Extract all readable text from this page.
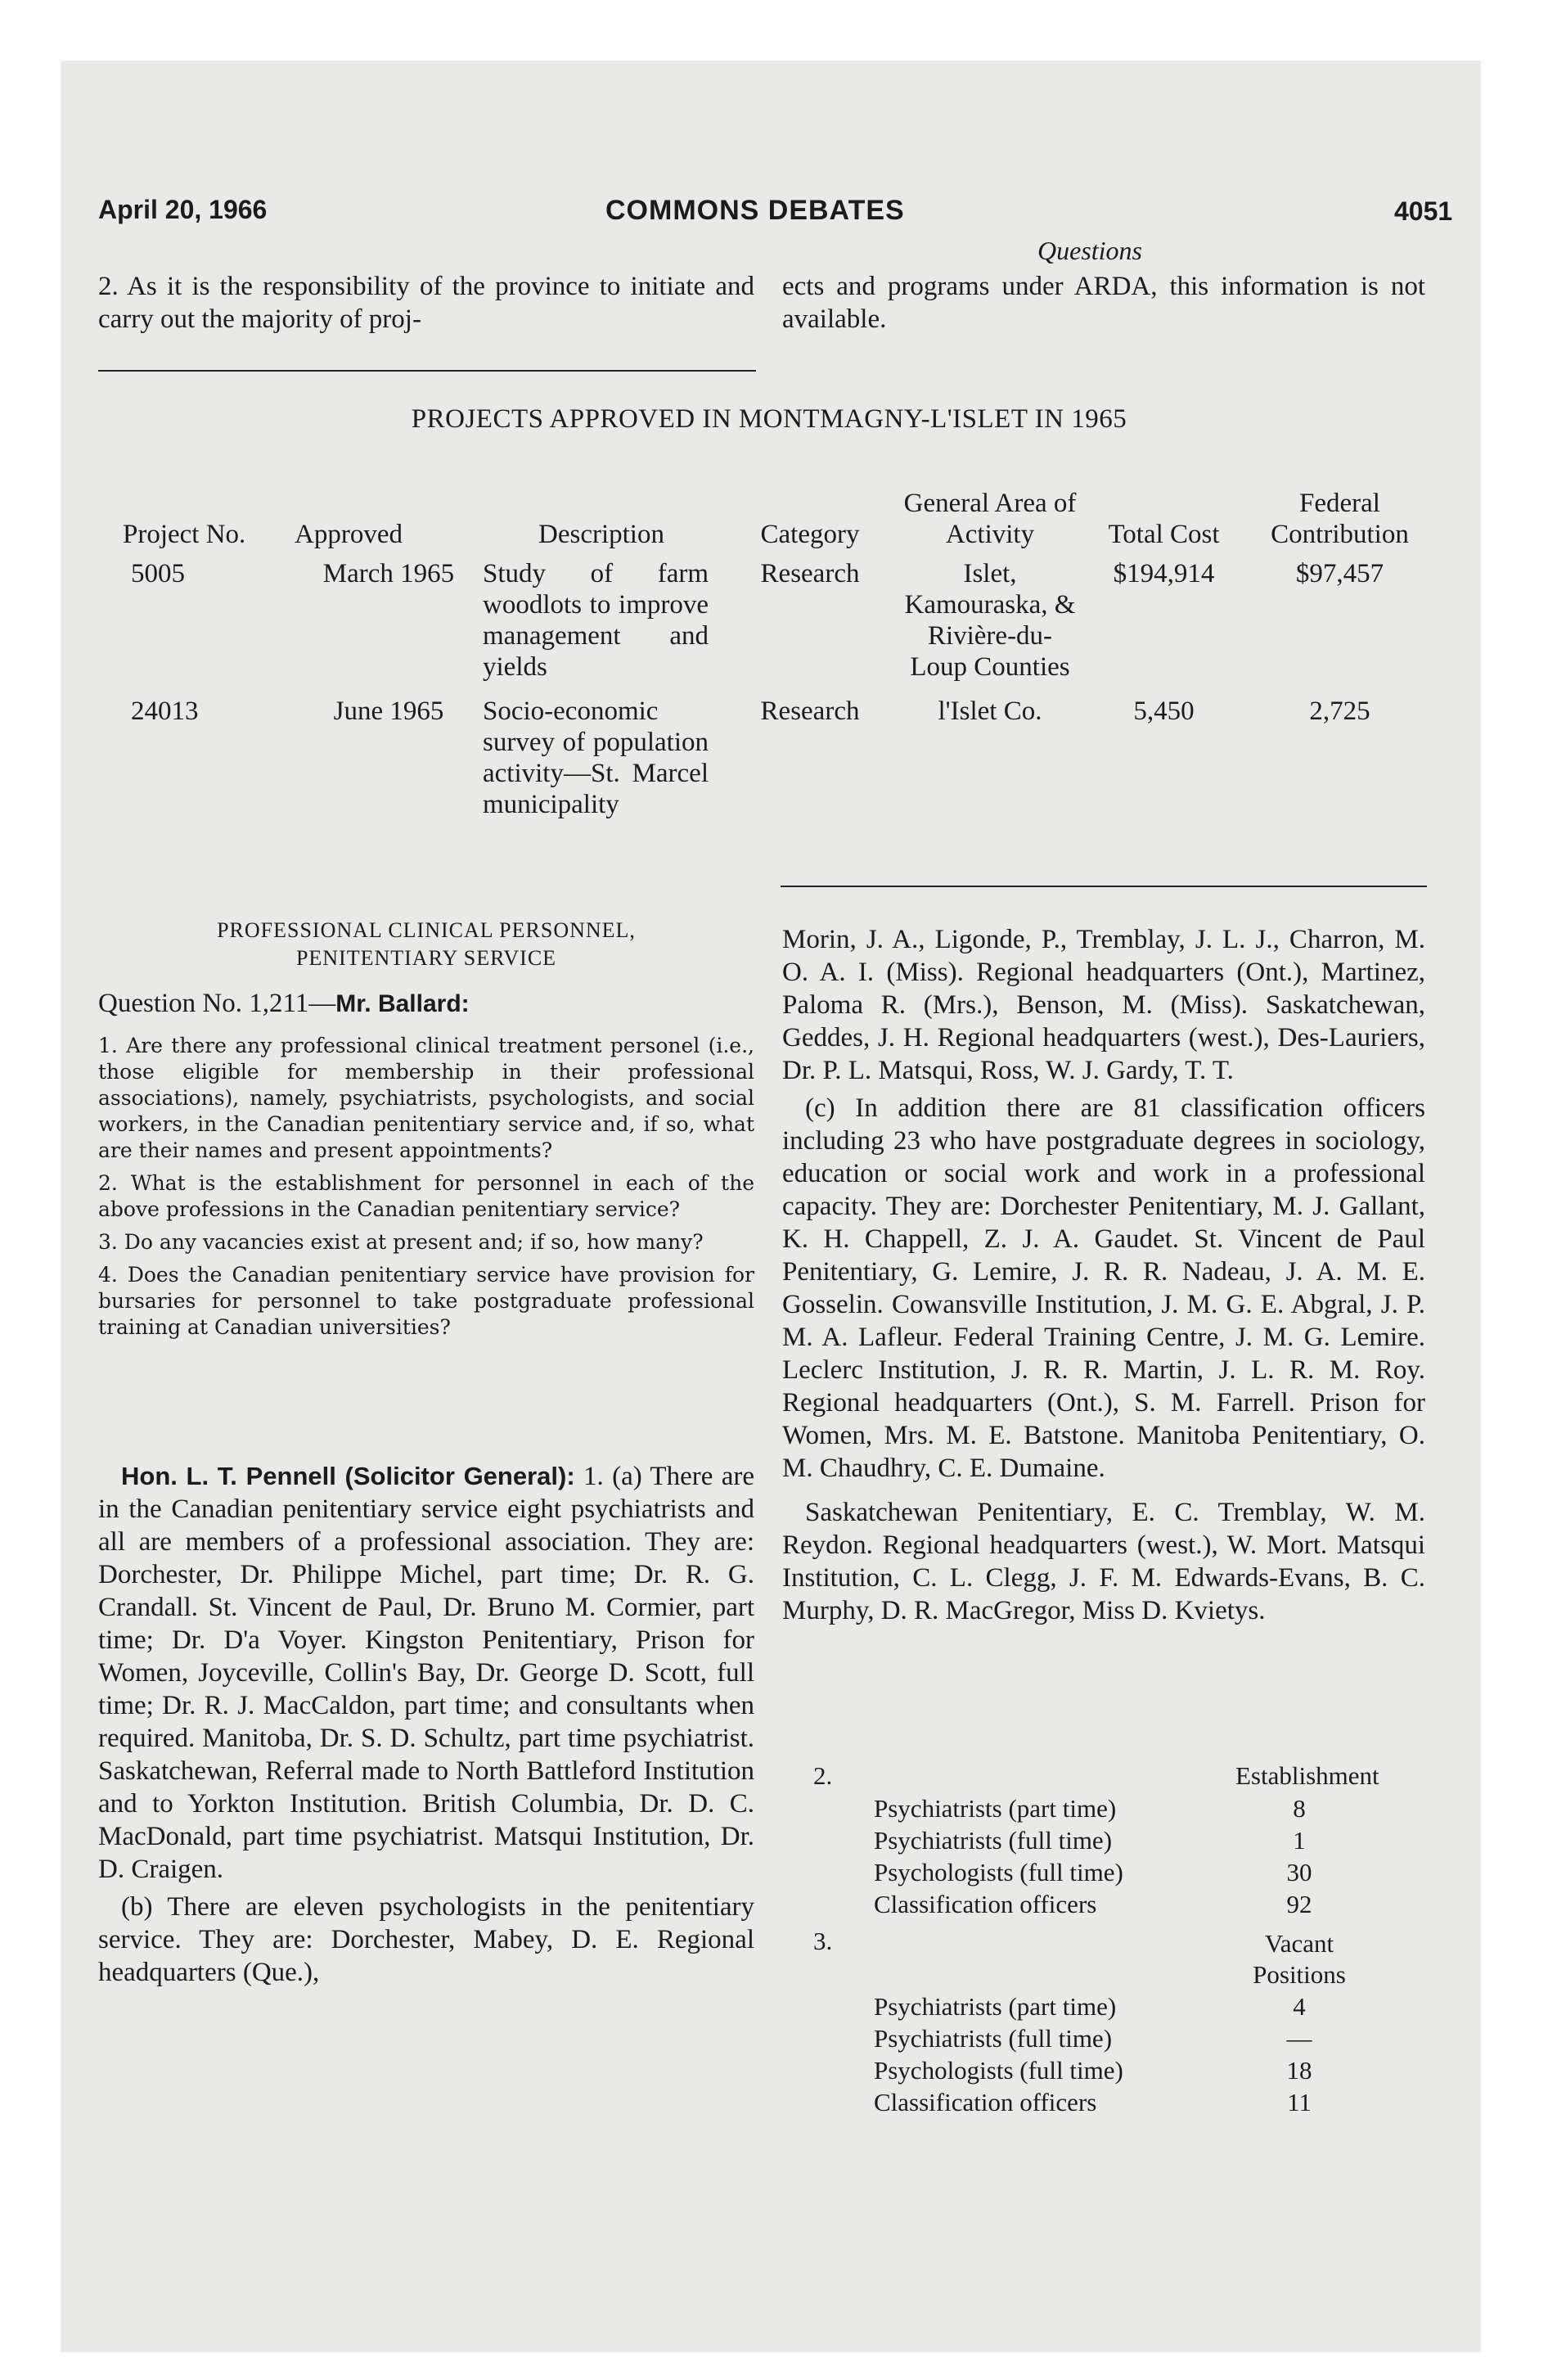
April 20, 1966	COMMONS DEBATES	4051
Questions
2. As it is the responsibility of the province to initiate and carry out the majority of proj-
ects and programs under ARDA, this information is not available.
PROJECTS APPROVED IN MONTMAGNY-L'ISLET IN 1965
Project No.	Approved	Description	Category	General Area of Activity	Total Cost	Federal Contribution
5005	March 1965	Study of farm woodlots to improve management and yields	Research	Islet, Kamouraska, & Rivière-du-Loup Counties	$194,914	$97,457
24013	June 1965	Socio-economic survey of population activity—St. Marcel municipality	Research	l'Islet Co.	5,450	2,725
PROFESSIONAL CLINICAL PERSONNEL,
PENITENTIARY SERVICE
Question No. 1,211—Mr. Ballard:

1. Are there any professional clinical treatment personel (i.e., those eligible for membership in their professional associations), namely, psychiatrists, psychologists, and social workers, in the Canadian penitentiary service and, if so, what are their names and present appointments?

2. What is the establishment for personnel in each of the above professions in the Canadian penitentiary service?

3. Do any vacancies exist at present and; if so, how many?

4. Does the Canadian penitentiary service have provision for bursaries for personnel to take postgraduate professional training at Canadian universities?

Hon. L. T. Pennell (Solicitor General): 1. (a) There are in the Canadian penitentiary service eight psychiatrists and all are members of a professional association. They are: Dorchester, Dr. Philippe Michel, part time; Dr. R. G. Crandall. St. Vincent de Paul, Dr. Bruno M. Cormier, part time; Dr. D'a Voyer. Kingston Penitentiary, Prison for Women, Joyceville, Collin's Bay, Dr. George D. Scott, full time; Dr. R. J. MacCaldon, part time; and consultants when required. Manitoba, Dr. S. D. Schultz, part time psychiatrist. Saskatchewan, Referral made to North Battleford Institution and to Yorkton Institution. British Columbia, Dr. D. C. MacDonald, part time psychiatrist. Matsqui Institution, Dr. D. Craigen.

(b) There are eleven psychologists in the penitentiary service. They are: Dorchester, Mabey, D. E. Regional headquarters (Que.),

Morin, J. A., Ligonde, P., Tremblay, J. L. J., Charron, M. O. A. I. (Miss). Regional headquarters (Ont.), Martinez, Paloma R. (Mrs.), Benson, M. (Miss). Saskatchewan, Geddes, J. H. Regional headquarters (west.), Des-Lauriers, Dr. P. L. Matsqui, Ross, W. J. Gardy, T. T.

(c) In addition there are 81 classification officers including 23 who have postgraduate degrees in sociology, education or social work and work in a professional capacity. They are: Dorchester Penitentiary, M. J. Gallant, K. H. Chappell, Z. J. A. Gaudet. St. Vincent de Paul Penitentiary, G. Lemire, J. R. R. Nadeau, J. A. M. E. Gosselin. Cowansville Institution, J. M. G. E. Abgral, J. P. M. A. Lafleur. Federal Training Centre, J. M. G. Lemire. Leclerc Institution, J. R. R. Martin, J. L. R. M. Roy. Regional headquarters (Ont.), S. M. Farrell. Prison for Women, Mrs. M. E. Batstone. Manitoba Penitentiary, O. M. Chaudhry, C. E. Dumaine.

Saskatchewan Penitentiary, E. C. Tremblay, W. M. Reydon. Regional headquarters (west.), W. Mort. Matsqui Institution, C. L. Clegg, J. F. M. Edwards-Evans, B. C. Murphy, D. R. MacGregor, Miss D. Kvietys.

2.	Establishment
Psychiatrists (part time)	8
Psychiatrists (full time)	1
Psychologists (full time)	30
Classification officers	92
3.	Vacant
Positions
Psychiatrists (part time)	4
Psychiatrists (full time)	—
Psychologists (full time)	18
Classification officers	11
